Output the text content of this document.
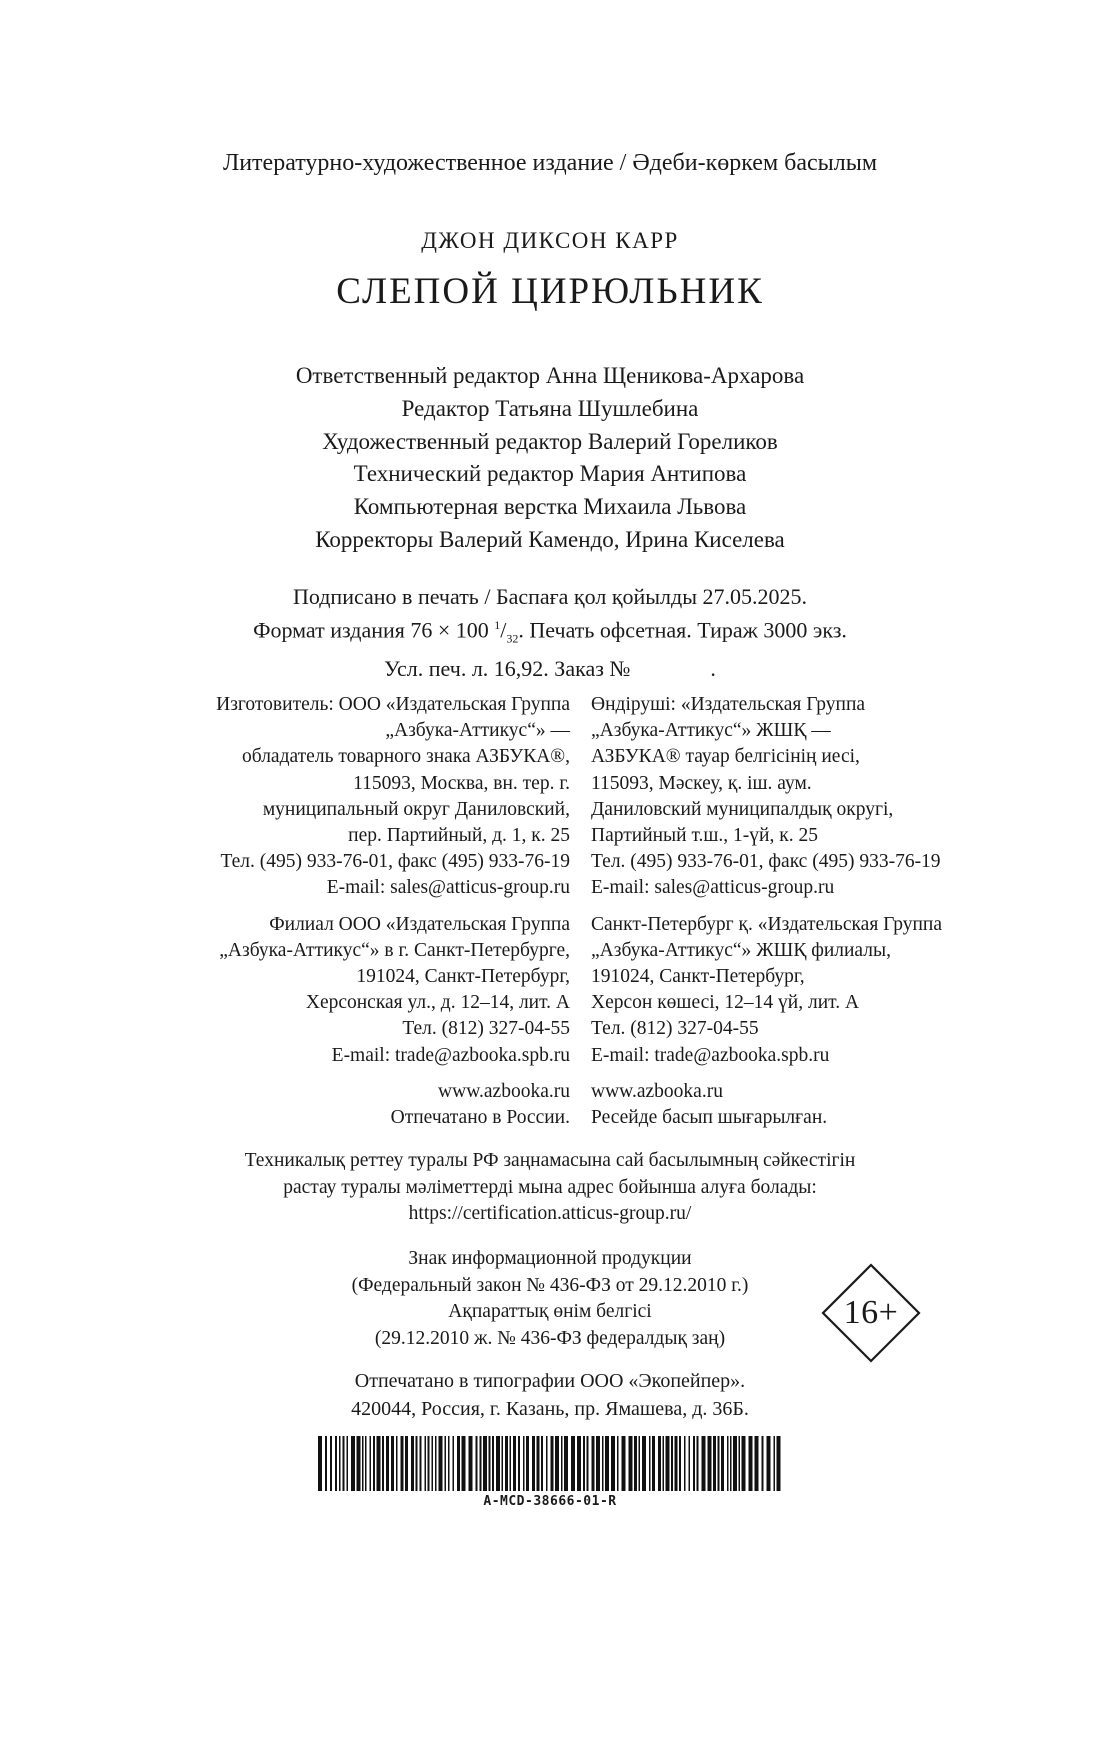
Литературно-художественное издание / Әдеби-көркем басылым
ДЖОН ДИКСОН КАРР
СЛЕПОЙ ЦИРЮЛЬНИК
Ответственный редактор Анна Щеникова-Архарова
Редактор Татьяна Шушлебина
Художественный редактор Валерий Гореликов
Технический редактор Мария Антипова
Компьютерная верстка Михаила Львова
Корректоры Валерий Камендо, Ирина Киселева
Подписано в печать / Баспаға қол қойылды 27.05.2025.
Формат издания 76 × 100 $^1/_{32}$. Печать офсетная. Тираж 3000 экз.
Усл. печ. л. 16,92. Заказ №	.
Изготовитель: ООО «Издательская Группа
„Азбука-Аттикус“» —
обладатель товарного знака АЗБУКА®,
115093, Москва, вн. тер. г.
муниципальный округ Даниловский,
пер. Партийный, д. 1, к. 25
Тел. (495) 933-76-01, факс (495) 933-76-19
E-mail: sales@atticus-group.ru
Филиал ООО «Издательская Группа
„Азбука-Аттикус“» в г. Санкт-Петербурге,
191024, Санкт-Петербург,
Херсонская ул., д. 12–14, лит. А
Тел. (812) 327-04-55
E-mail: trade@azbooka.spb.ru
www.azbooka.ru
Отпечатано в России.
Өндіруші: «Издательская Группа
„Азбука-Аттикус“» ЖШҚ —
АЗБУКА® тауар белгісінің иесі,
115093, Мәскеу, қ. іш. аум.
Даниловский муниципалдық округі,
Партийный т.ш., 1-үй, к. 25
Тел. (495) 933-76-01, факс (495) 933-76-19
E-mail: sales@atticus-group.ru
Санкт-Петербург қ. «Издательская Группа
„Азбука-Аттикус“» ЖШҚ филиалы,
191024, Санкт-Петербург,
Херсон көшесі, 12–14 үй, лит. А
Тел. (812) 327-04-55
E-mail: trade@azbooka.spb.ru
www.azbooka.ru
Ресейде басып шығарылған.
Техникалық реттеу туралы РФ заңнамасына сай басылымның сәйкестігін
растау туралы мәліметтерді мына адрес бойынша алуға болады:
https://certification.atticus-group.ru/
Знак информационной продукции
(Федеральный закон № 436-ФЗ от 29.12.2010 г.)
Ақпараттық өнім белгісі
(29.12.2010 ж. № 436-ФЗ федералдық заң)
16+
Отпечатано в типографии ООО «Экопейпер».
420044, Россия, г. Казань, пр. Ямашева, д. 36Б.
A-MCD-38666-01-R
